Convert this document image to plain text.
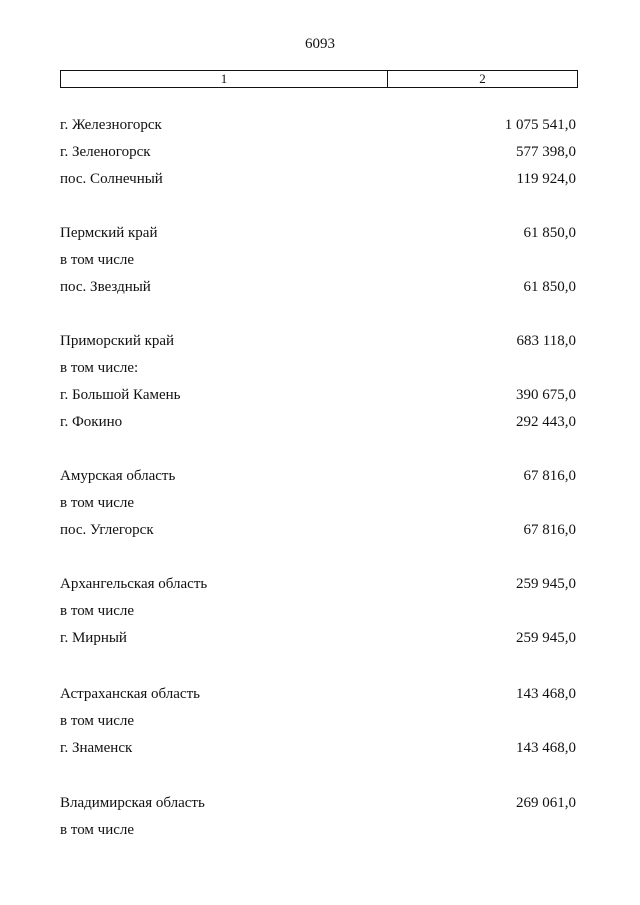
6093
1	2
г. Железногорск	1 075 541,0
г. Зеленогорск	577 398,0
пос. Солнечный	119 924,0
Пермский край	61 850,0
в том числе
пос. Звездный	61 850,0
Приморский край	683 118,0
в том числе:
г. Большой Камень	390 675,0
г. Фокино	292 443,0
Амурская область	67 816,0
в том числе
пос. Углегорск	67 816,0
Архангельская область	259 945,0
в том числе
г. Мирный	259 945,0
Астраханская область	143 468,0
в том числе
г. Знаменск	143 468,0
Владимирская область	269 061,0
в том числе
